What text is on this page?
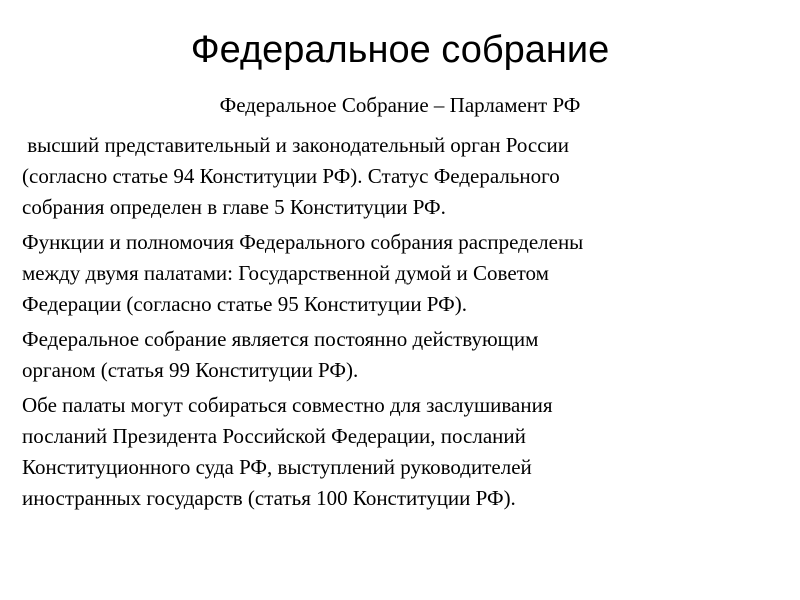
Федеральное собрание
Федеральное Собрание – Парламент РФ

высший представительный и законодательный орган России
(согласно статье 94 Конституции РФ). Статус Федерального
собрания определен в главе 5 Конституции РФ.

Функции и полномочия Федерального собрания распределены
между двумя палатами: Государственной думой и Советом
Федерации (согласно статье 95 Конституции РФ).

Федеральное собрание является постоянно действующим
органом (статья 99 Конституции РФ).

Обе палаты могут собираться совместно для заслушивания
посланий Президента Российской Федерации, посланий
Конституционного суда РФ, выступлений руководителей
иностранных государств (статья 100 Конституции РФ).
